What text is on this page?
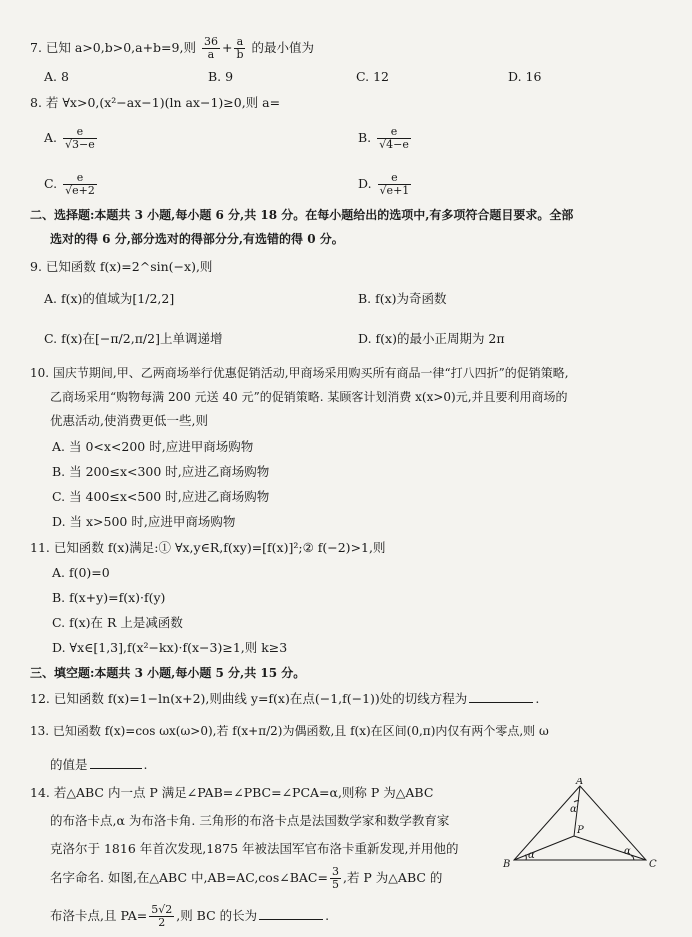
7. 已知 a>0,b>0,a+b=9,则 $\frac{36}{a} + \frac{a}{b}$ 的最小值为
A. 8	B. 9	C. 12	D. 16
8. 若 ∀x>0,(x²−ax−1)(ln ax−1)≥0,则 a=
A. $\frac{e}{√3-e}$	B. $\frac{e}{√4-e}$
C. $\frac{e}{√e+2}$	D. $\frac{e}{√e+1}$
二、选择题:本题共 3 小题,每小题 6 分,共 18 分。在每小题给出的选项中,有多项符合题目要求。全部
选对的得 6 分,部分选对的得部分分,有选错的得 0 分。
9. 已知函数 f(x)=2^sin(−x),则
A. f(x)的值域为[1/2,2]	B. f(x)为奇函数
C. f(x)在[−π/2,π/2]上单调递增	D. f(x)的最小正周期为 2π
10. 国庆节期间,甲、乙两商场举行优惠促销活动,甲商场采用购买所有商品一律“打八四折”的促销策略,
乙商场采用“购物每满 200 元送 40 元”的促销策略. 某顾客计划消费 x(x>0)元,并且要利用商场的
优惠活动,使消费更低一些,则
A. 当 0<x<200 时,应进甲商场购物
B. 当 200≤x<300 时,应进乙商场购物
C. 当 400≤x<500 时,应进乙商场购物
D. 当 x>500 时,应进甲商场购物
11. 已知函数 f(x)满足:① ∀x,y∈R,f(xy)=[f(x)]²;② f(−2)>1,则
A. f(0)=0
B. f(x+y)=f(x)·f(y)
C. f(x)在 R 上是减函数
D. ∀x∈[1,3],f(x²−kx)·f(x−3)≥1,则 k≥3
三、填空题:本题共 3 小题,每小题 5 分,共 15 分。
12. 已知函数 f(x)=1−ln(x+2),则曲线 y=f(x)在点(−1,f(−1))处的切线方程为	.
13. 已知函数 f(x)=cos ωx(ω>0),若 f(x+π/2)为偶函数,且 f(x)在区间(0,π)内仅有两个零点,则 ω
的值是	.
14. 若△ABC 内一点 P 满足∠PAB=∠PBC=∠PCA=α,则称 P 为△ABC
的布洛卡点,α 为布洛卡角. 三角形的布洛卡点是法国数学家和数学教育家
克洛尔于 1816 年首次发现,1875 年被法国军官布洛卡重新发现,并用他的
名字命名. 如图,在△ABC 中,AB=AC,cos∠BAC= $\frac{3}{5}$ ,若 P 为△ABC 的
布洛卡点,且 $PA= \frac{5√2}{2}$ ,则 BC 的长为	.
A
B	C
P
α
α	α
